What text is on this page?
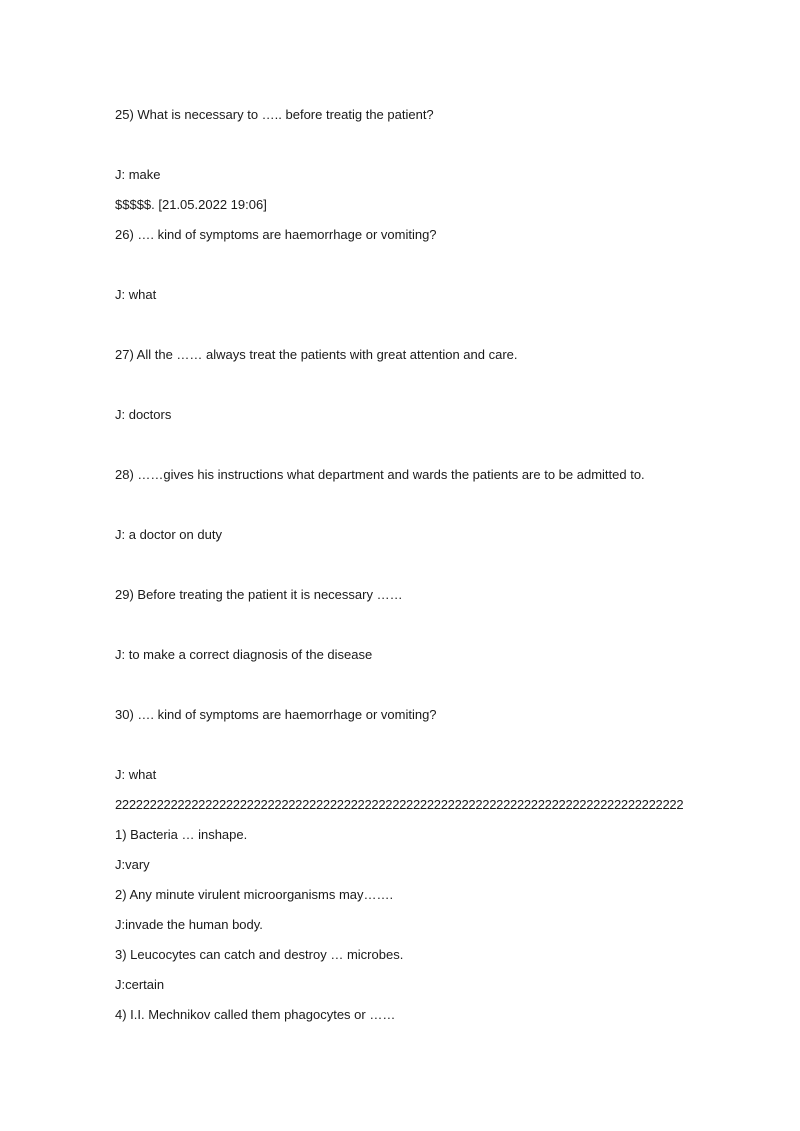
25) What is necessary to ….. before treatig the patient?
J: make
$$$$$. [21.05.2022 19:06]
26) …. kind of symptoms are haemorrhage or vomiting?
J: what
27) All the …… always treat the patients with great attention and care.
J: doctors
28) ……gives his instructions what department and wards the patients are to be admitted to.
J: a doctor on duty
29) Before treating the patient it is necessary ……
J: to make a correct diagnosis of the disease
30) …. kind of symptoms are haemorrhage or vomiting?
J: what
2222222222222222222222222222222222222222222222222222222222222222222222222222222222
1) Bacteria … inshape.
J:vary
2) Any minute virulent microorganisms may…….
J:invade the human body.
3) Leucocytes can catch and destroy … microbes.
J:certain
4) I.I. Mechnikov called them phagocytes or ……
